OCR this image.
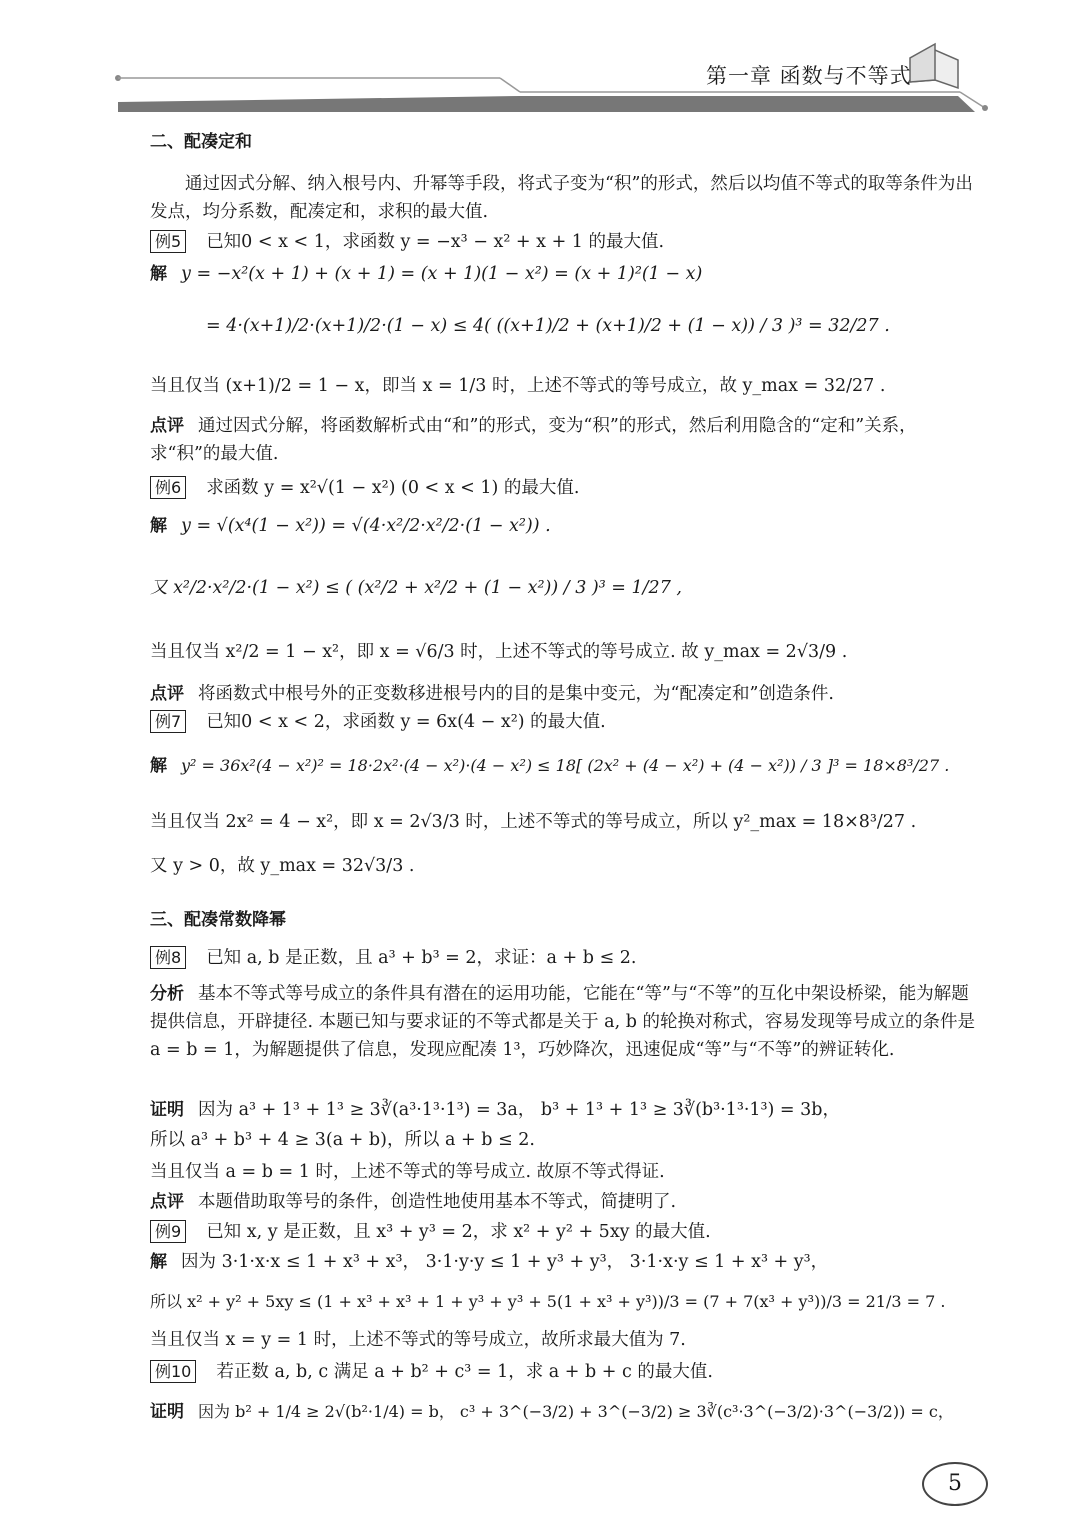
第一章 函数与不等式
二、配凑定和
通过因式分解、纳入根号内、升幂等手段，将式子变为“积”的形式，然后以均值不等式的取等条件为出发点，均分系数，配凑定和，求积的最大值.
例5 已知0 < x < 1，求函数 y = −x³ − x² + x + 1 的最大值.
解 y = −x²(x + 1) + (x + 1) = (x + 1)(1 − x²) = (x + 1)²(1 − x)
= 4·(x+1)/2·(x+1)/2·(1 − x) ≤ 4( ((x+1)/2 + (x+1)/2 + (1 − x)) / 3 )³ = 32/27 .
当且仅当 (x+1)/2 = 1 − x，即当 x = 1/3 时，上述不等式的等号成立，故 y_max = 32/27 .
点评 通过因式分解，将函数解析式由“和”的形式，变为“积”的形式，然后利用隐含的“定和”关系，求“积”的最大值.
例6 求函数 y = x²√(1 − x²) (0 < x < 1) 的最大值.
解 y = √(x⁴(1 − x²)) = √(4·x²/2·x²/2·(1 − x²)) .
又 x²/2·x²/2·(1 − x²) ≤ ( (x²/2 + x²/2 + (1 − x²)) / 3 )³ = 1/27 ,
当且仅当 x²/2 = 1 − x²，即 x = √6/3 时，上述不等式的等号成立. 故 y_max = 2√3/9 .
点评 将函数式中根号外的正变数移进根号内的目的是集中变元，为“配凑定和”创造条件.
例7 已知0 < x < 2，求函数 y = 6x(4 − x²) 的最大值.
解 y² = 36x²(4 − x²)² = 18·2x²·(4 − x²)·(4 − x²) ≤ 18[ (2x² + (4 − x²) + (4 − x²)) / 3 ]³ = 18×8³/27 .
当且仅当 2x² = 4 − x²，即 x = 2√3/3 时，上述不等式的等号成立，所以 y²_max = 18×8³/27 .
又 y > 0，故 y_max = 32√3/3 .
三、配凑常数降幂
例8 已知 a, b 是正数，且 a³ + b³ = 2，求证：a + b ≤ 2.
分析 基本不等式等号成立的条件具有潜在的运用功能，它能在“等”与“不等”的互化中架设桥梁，能为解题提供信息，开辟捷径. 本题已知与要求证的不等式都是关于 a, b 的轮换对称式，容易发现等号成立的条件是 a = b = 1，为解题提供了信息，发现应配凑 1³，巧妙降次，迅速促成“等”与“不等”的辨证转化.
证明 因为 a³ + 1³ + 1³ ≥ 3∛(a³·1³·1³) = 3a， b³ + 1³ + 1³ ≥ 3∛(b³·1³·1³) = 3b，
所以 a³ + b³ + 4 ≥ 3(a + b)，所以 a + b ≤ 2.
当且仅当 a = b = 1 时，上述不等式的等号成立. 故原不等式得证.
点评 本题借助取等号的条件，创造性地使用基本不等式，简捷明了.
例9 已知 x, y 是正数，且 x³ + y³ = 2，求 x² + y² + 5xy 的最大值.
解 因为 3·1·x·x ≤ 1 + x³ + x³， 3·1·y·y ≤ 1 + y³ + y³， 3·1·x·y ≤ 1 + x³ + y³，
所以 x² + y² + 5xy ≤ (1 + x³ + x³ + 1 + y³ + y³ + 5(1 + x³ + y³))/3 = (7 + 7(x³ + y³))/3 = 21/3 = 7 .
当且仅当 x = y = 1 时，上述不等式的等号成立，故所求最大值为 7.
例10 若正数 a, b, c 满足 a + b² + c³ = 1，求 a + b + c 的最大值.
证明 因为 b² + 1/4 ≥ 2√(b²·1/4) = b， c³ + 3^(−3/2) + 3^(−3/2) ≥ 3∛(c³·3^(−3/2)·3^(−3/2)) = c，
5
